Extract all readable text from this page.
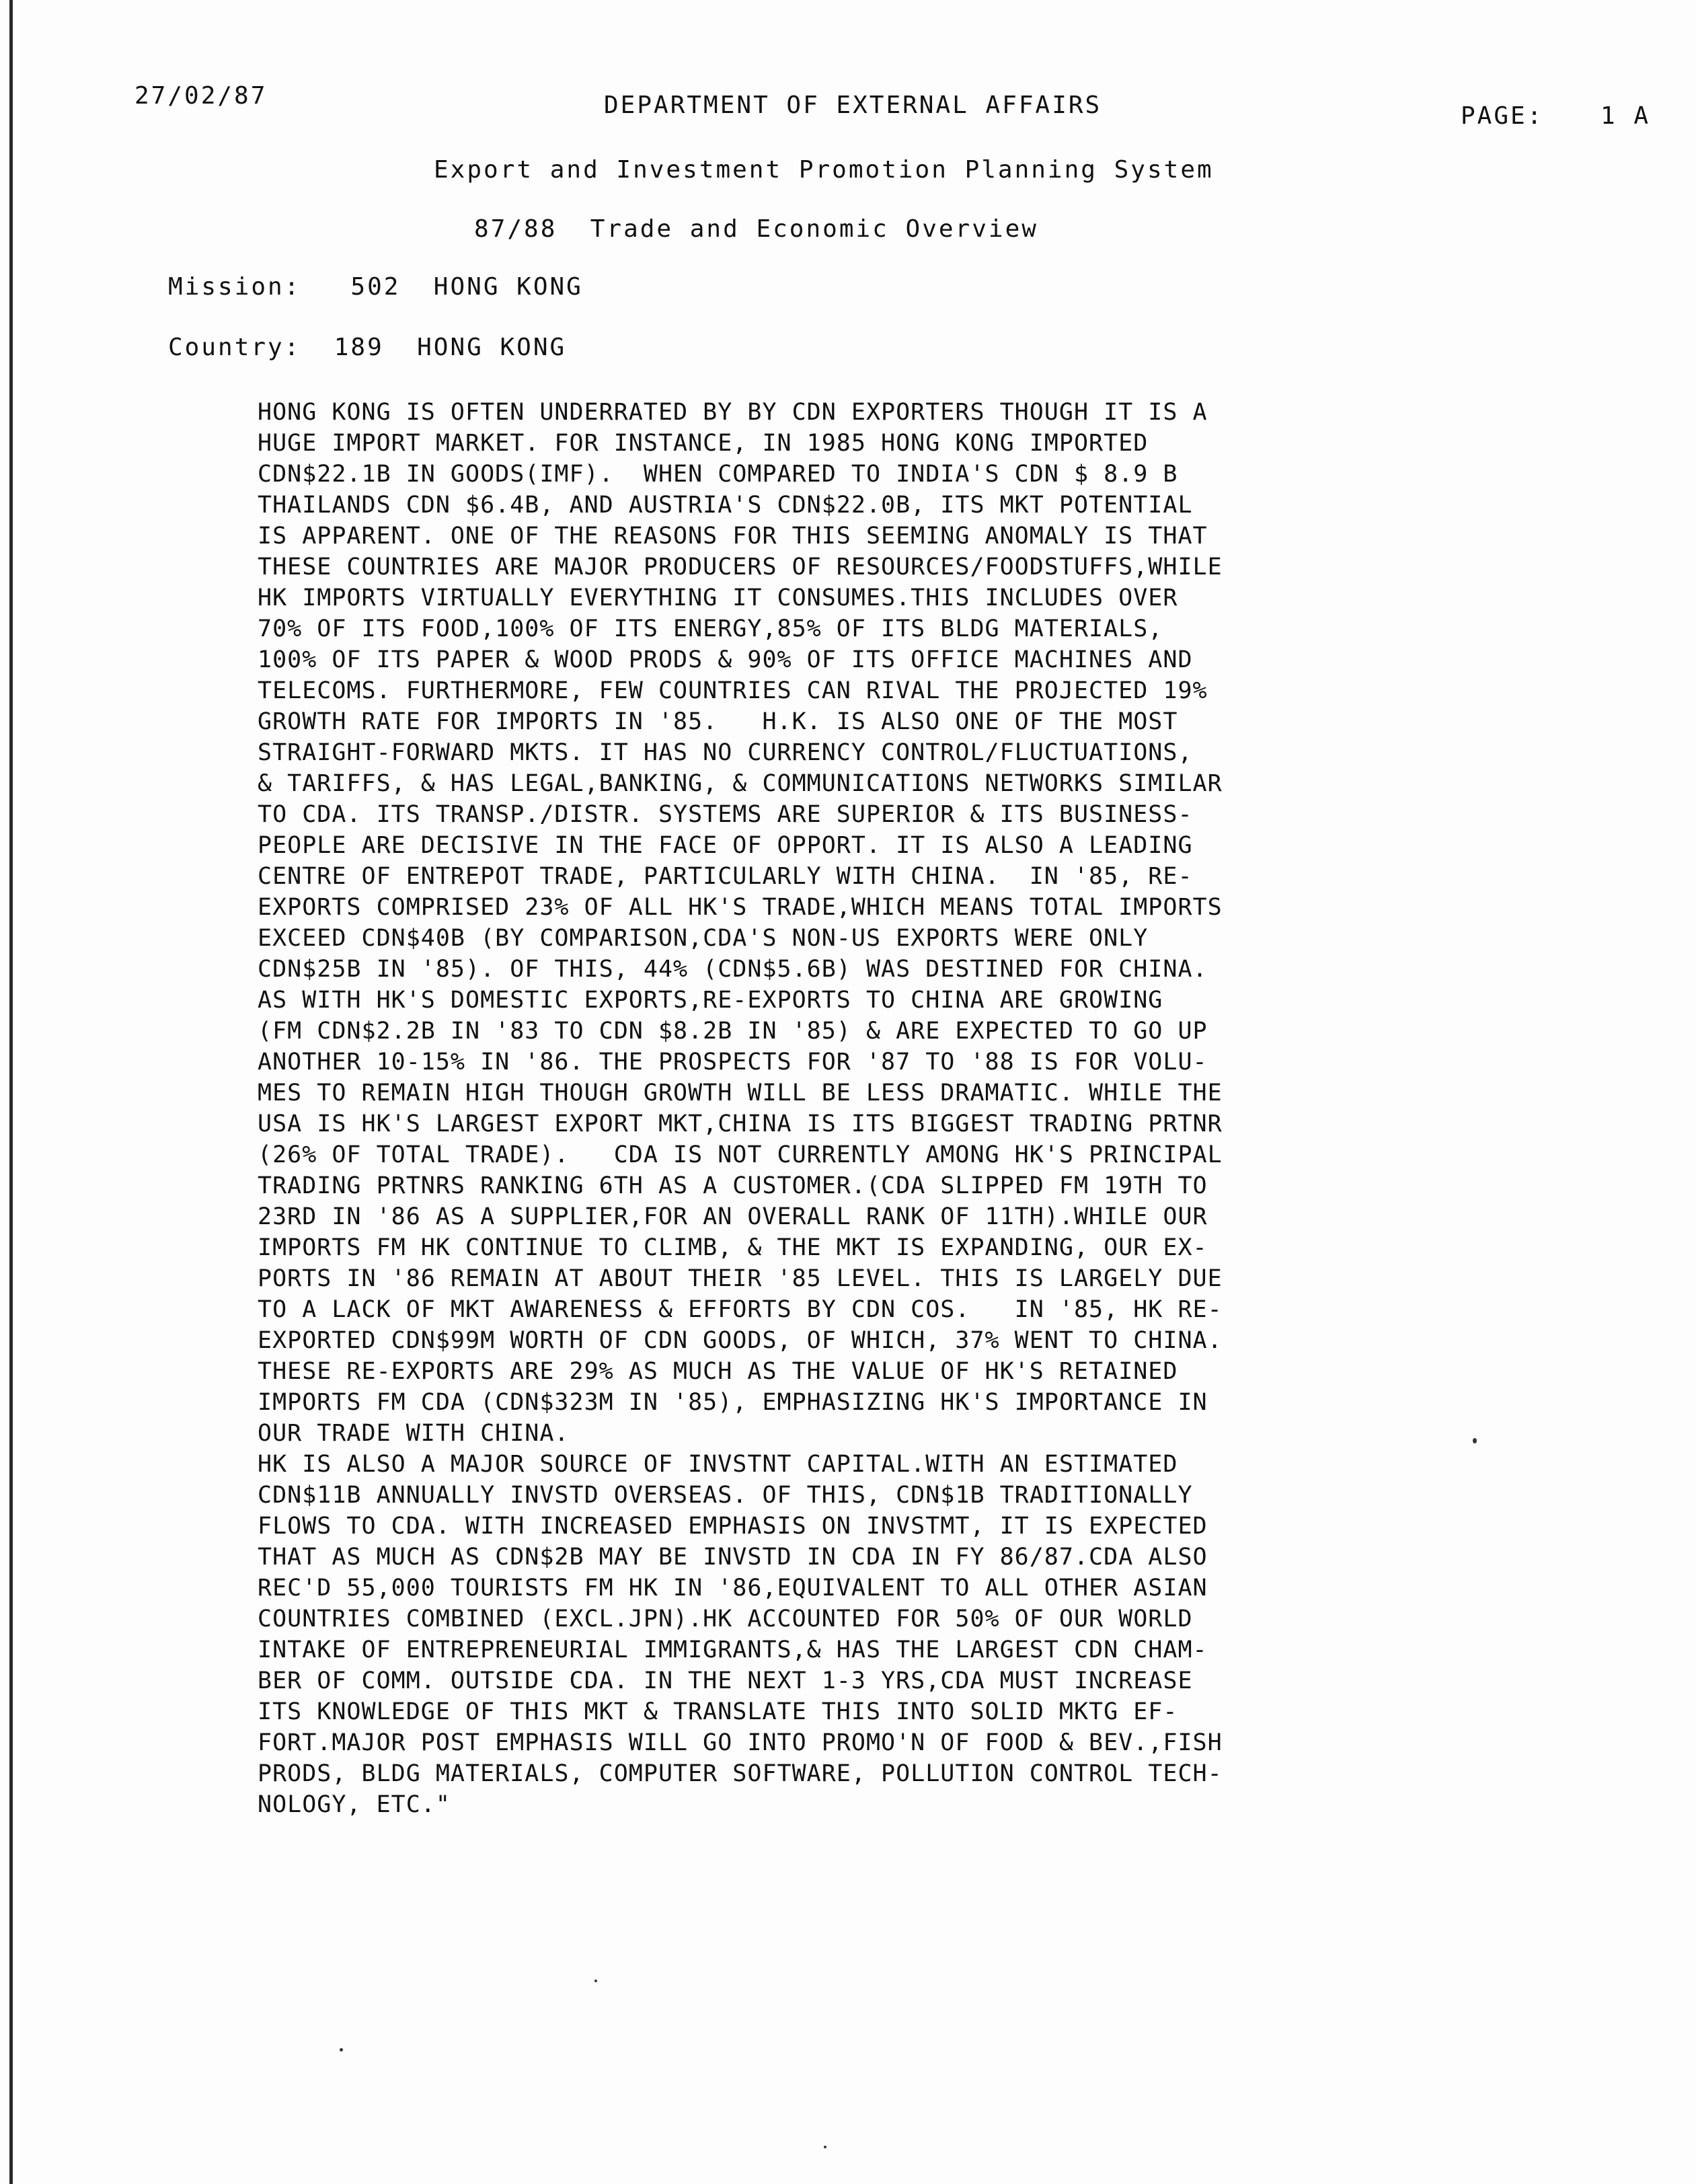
27/02/87	DEPARTMENT OF EXTERNAL AFFAIRS	PAGE: 1 A
Export and Investment Promotion Planning System
87/88  Trade and Economic Overview
Mission: 502  HONG KONG
Country: 189  HONG KONG
HONG KONG IS OFTEN UNDERRATED BY BY CDN EXPORTERS THOUGH IT IS A
HUGE IMPORT MARKET. FOR INSTANCE, IN 1985 HONG KONG IMPORTED
CDN$22.1B IN GOODS(IMF).  WHEN COMPARED TO INDIA'S CDN $ 8.9 B
THAILANDS CDN $6.4B, AND AUSTRIA'S CDN$22.0B, ITS MKT POTENTIAL
IS APPARENT. ONE OF THE REASONS FOR THIS SEEMING ANOMALY IS THAT
THESE COUNTRIES ARE MAJOR PRODUCERS OF RESOURCES/FOODSTUFFS,WHILE
HK IMPORTS VIRTUALLY EVERYTHING IT CONSUMES.THIS INCLUDES OVER
70% OF ITS FOOD,100% OF ITS ENERGY,85% OF ITS BLDG MATERIALS,
100% OF ITS PAPER & WOOD PRODS & 90% OF ITS OFFICE MACHINES AND
TELECOMS. FURTHERMORE, FEW COUNTRIES CAN RIVAL THE PROJECTED 19%
GROWTH RATE FOR IMPORTS IN '85.   H.K. IS ALSO ONE OF THE MOST
STRAIGHT-FORWARD MKTS. IT HAS NO CURRENCY CONTROL/FLUCTUATIONS,
& TARIFFS, & HAS LEGAL,BANKING, & COMMUNICATIONS NETWORKS SIMILAR
TO CDA. ITS TRANSP./DISTR. SYSTEMS ARE SUPERIOR & ITS BUSINESS-
PEOPLE ARE DECISIVE IN THE FACE OF OPPORT. IT IS ALSO A LEADING
CENTRE OF ENTREPOT TRADE, PARTICULARLY WITH CHINA.  IN '85, RE-
EXPORTS COMPRISED 23% OF ALL HK'S TRADE,WHICH MEANS TOTAL IMPORTS
EXCEED CDN$40B (BY COMPARISON,CDA'S NON-US EXPORTS WERE ONLY
CDN$25B IN '85). OF THIS, 44% (CDN$5.6B) WAS DESTINED FOR CHINA.
AS WITH HK'S DOMESTIC EXPORTS,RE-EXPORTS TO CHINA ARE GROWING
(FM CDN$2.2B IN '83 TO CDN $8.2B IN '85) & ARE EXPECTED TO GO UP
ANOTHER 10-15% IN '86. THE PROSPECTS FOR '87 TO '88 IS FOR VOLU-
MES TO REMAIN HIGH THOUGH GROWTH WILL BE LESS DRAMATIC. WHILE THE
USA IS HK'S LARGEST EXPORT MKT,CHINA IS ITS BIGGEST TRADING PRTNR
(26% OF TOTAL TRADE).   CDA IS NOT CURRENTLY AMONG HK'S PRINCIPAL
TRADING PRTNRS RANKING 6TH AS A CUSTOMER.(CDA SLIPPED FM 19TH TO
23RD IN '86 AS A SUPPLIER,FOR AN OVERALL RANK OF 11TH).WHILE OUR
IMPORTS FM HK CONTINUE TO CLIMB, & THE MKT IS EXPANDING, OUR EX-
PORTS IN '86 REMAIN AT ABOUT THEIR '85 LEVEL. THIS IS LARGELY DUE
TO A LACK OF MKT AWARENESS & EFFORTS BY CDN COS.   IN '85, HK RE-
EXPORTED CDN$99M WORTH OF CDN GOODS, OF WHICH, 37% WENT TO CHINA.
THESE RE-EXPORTS ARE 29% AS MUCH AS THE VALUE OF HK'S RETAINED
IMPORTS FM CDA (CDN$323M IN '85), EMPHASIZING HK'S IMPORTANCE IN
OUR TRADE WITH CHINA.
HK IS ALSO A MAJOR SOURCE OF INVSTNT CAPITAL.WITH AN ESTIMATED
CDN$11B ANNUALLY INVSTD OVERSEAS. OF THIS, CDN$1B TRADITIONALLY
FLOWS TO CDA. WITH INCREASED EMPHASIS ON INVSTMT, IT IS EXPECTED
THAT AS MUCH AS CDN$2B MAY BE INVSTD IN CDA IN FY 86/87.CDA ALSO
REC'D 55,000 TOURISTS FM HK IN '86,EQUIVALENT TO ALL OTHER ASIAN
COUNTRIES COMBINED (EXCL.JPN).HK ACCOUNTED FOR 50% OF OUR WORLD
INTAKE OF ENTREPRENEURIAL IMMIGRANTS,& HAS THE LARGEST CDN CHAM-
BER OF COMM. OUTSIDE CDA. IN THE NEXT 1-3 YRS,CDA MUST INCREASE
ITS KNOWLEDGE OF THIS MKT & TRANSLATE THIS INTO SOLID MKTG EF-
FORT.MAJOR POST EMPHASIS WILL GO INTO PROMO'N OF FOOD & BEV.,FISH
PRODS, BLDG MATERIALS, COMPUTER SOFTWARE, POLLUTION CONTROL TECH-
NOLOGY, ETC."
